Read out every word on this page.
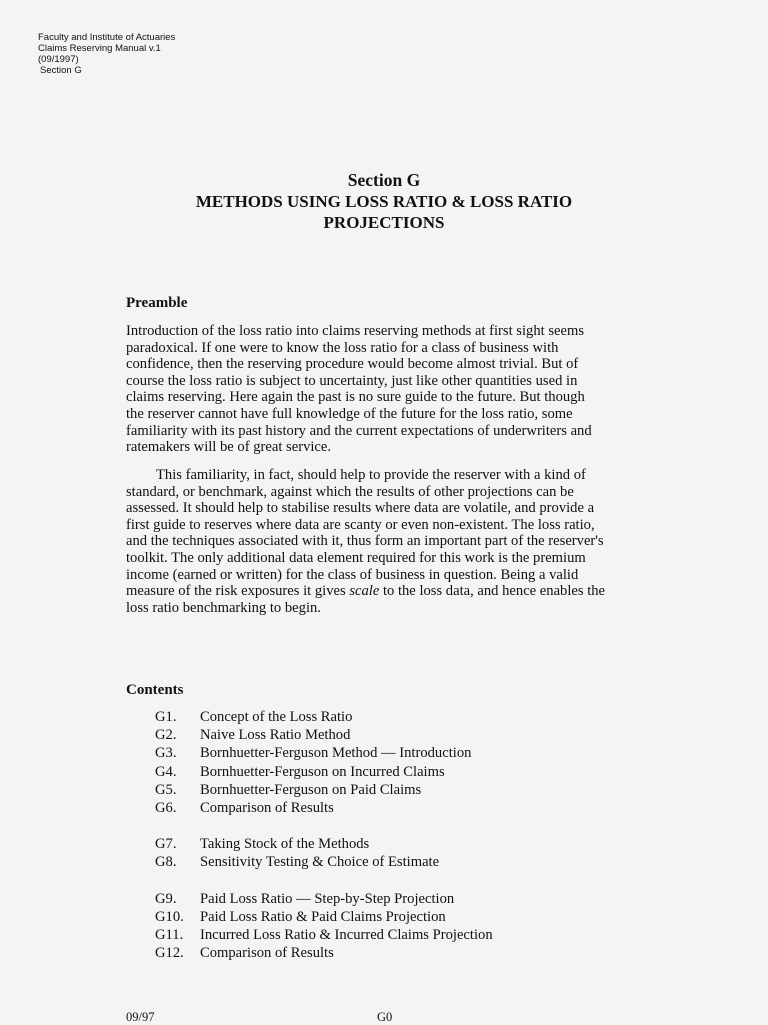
Faculty and Institute of Actuaries
Claims Reserving Manual v.1
(09/1997)
Section G
Section G
METHODS USING LOSS RATIO & LOSS RATIO
PROJECTIONS
Preamble
Introduction of the loss ratio into claims reserving methods at first sight seems
paradoxical. If one were to know the loss ratio for a class of business with
confidence, then the reserving procedure would become almost trivial. But of
course the loss ratio is subject to uncertainty, just like other quantities used in
claims reserving. Here again the past is no sure guide to the future. But though
the reserver cannot have full knowledge of the future for the loss ratio, some
familiarity with its past history and the current expectations of underwriters and
ratemakers will be of great service.
This familiarity, in fact, should help to provide the reserver with a kind of
standard, or benchmark, against which the results of other projections can be
assessed. It should help to stabilise results where data are volatile, and provide a
first guide to reserves where data are scanty or even non-existent. The loss ratio,
and the techniques associated with it, thus form an important part of the reserver's
toolkit. The only additional data element required for this work is the premium
income (earned or written) for the class of business in question. Being a valid
measure of the risk exposures it gives scale to the loss data, and hence enables the
loss ratio benchmarking to begin.
Contents
G1.	Concept of the Loss Ratio
G2.	Naive Loss Ratio Method
G3.	Bornhuetter-Ferguson Method — Introduction
G4.	Bornhuetter-Ferguson on Incurred Claims
G5.	Bornhuetter-Ferguson on Paid Claims
G6.	Comparison of Results
G7.	Taking Stock of the Methods
G8.	Sensitivity Testing & Choice of Estimate
G9.	Paid Loss Ratio — Step-by-Step Projection
G10.	Paid Loss Ratio & Paid Claims Projection
G11.	Incurred Loss Ratio & Incurred Claims Projection
G12.	Comparison of Results
09/97	G0
